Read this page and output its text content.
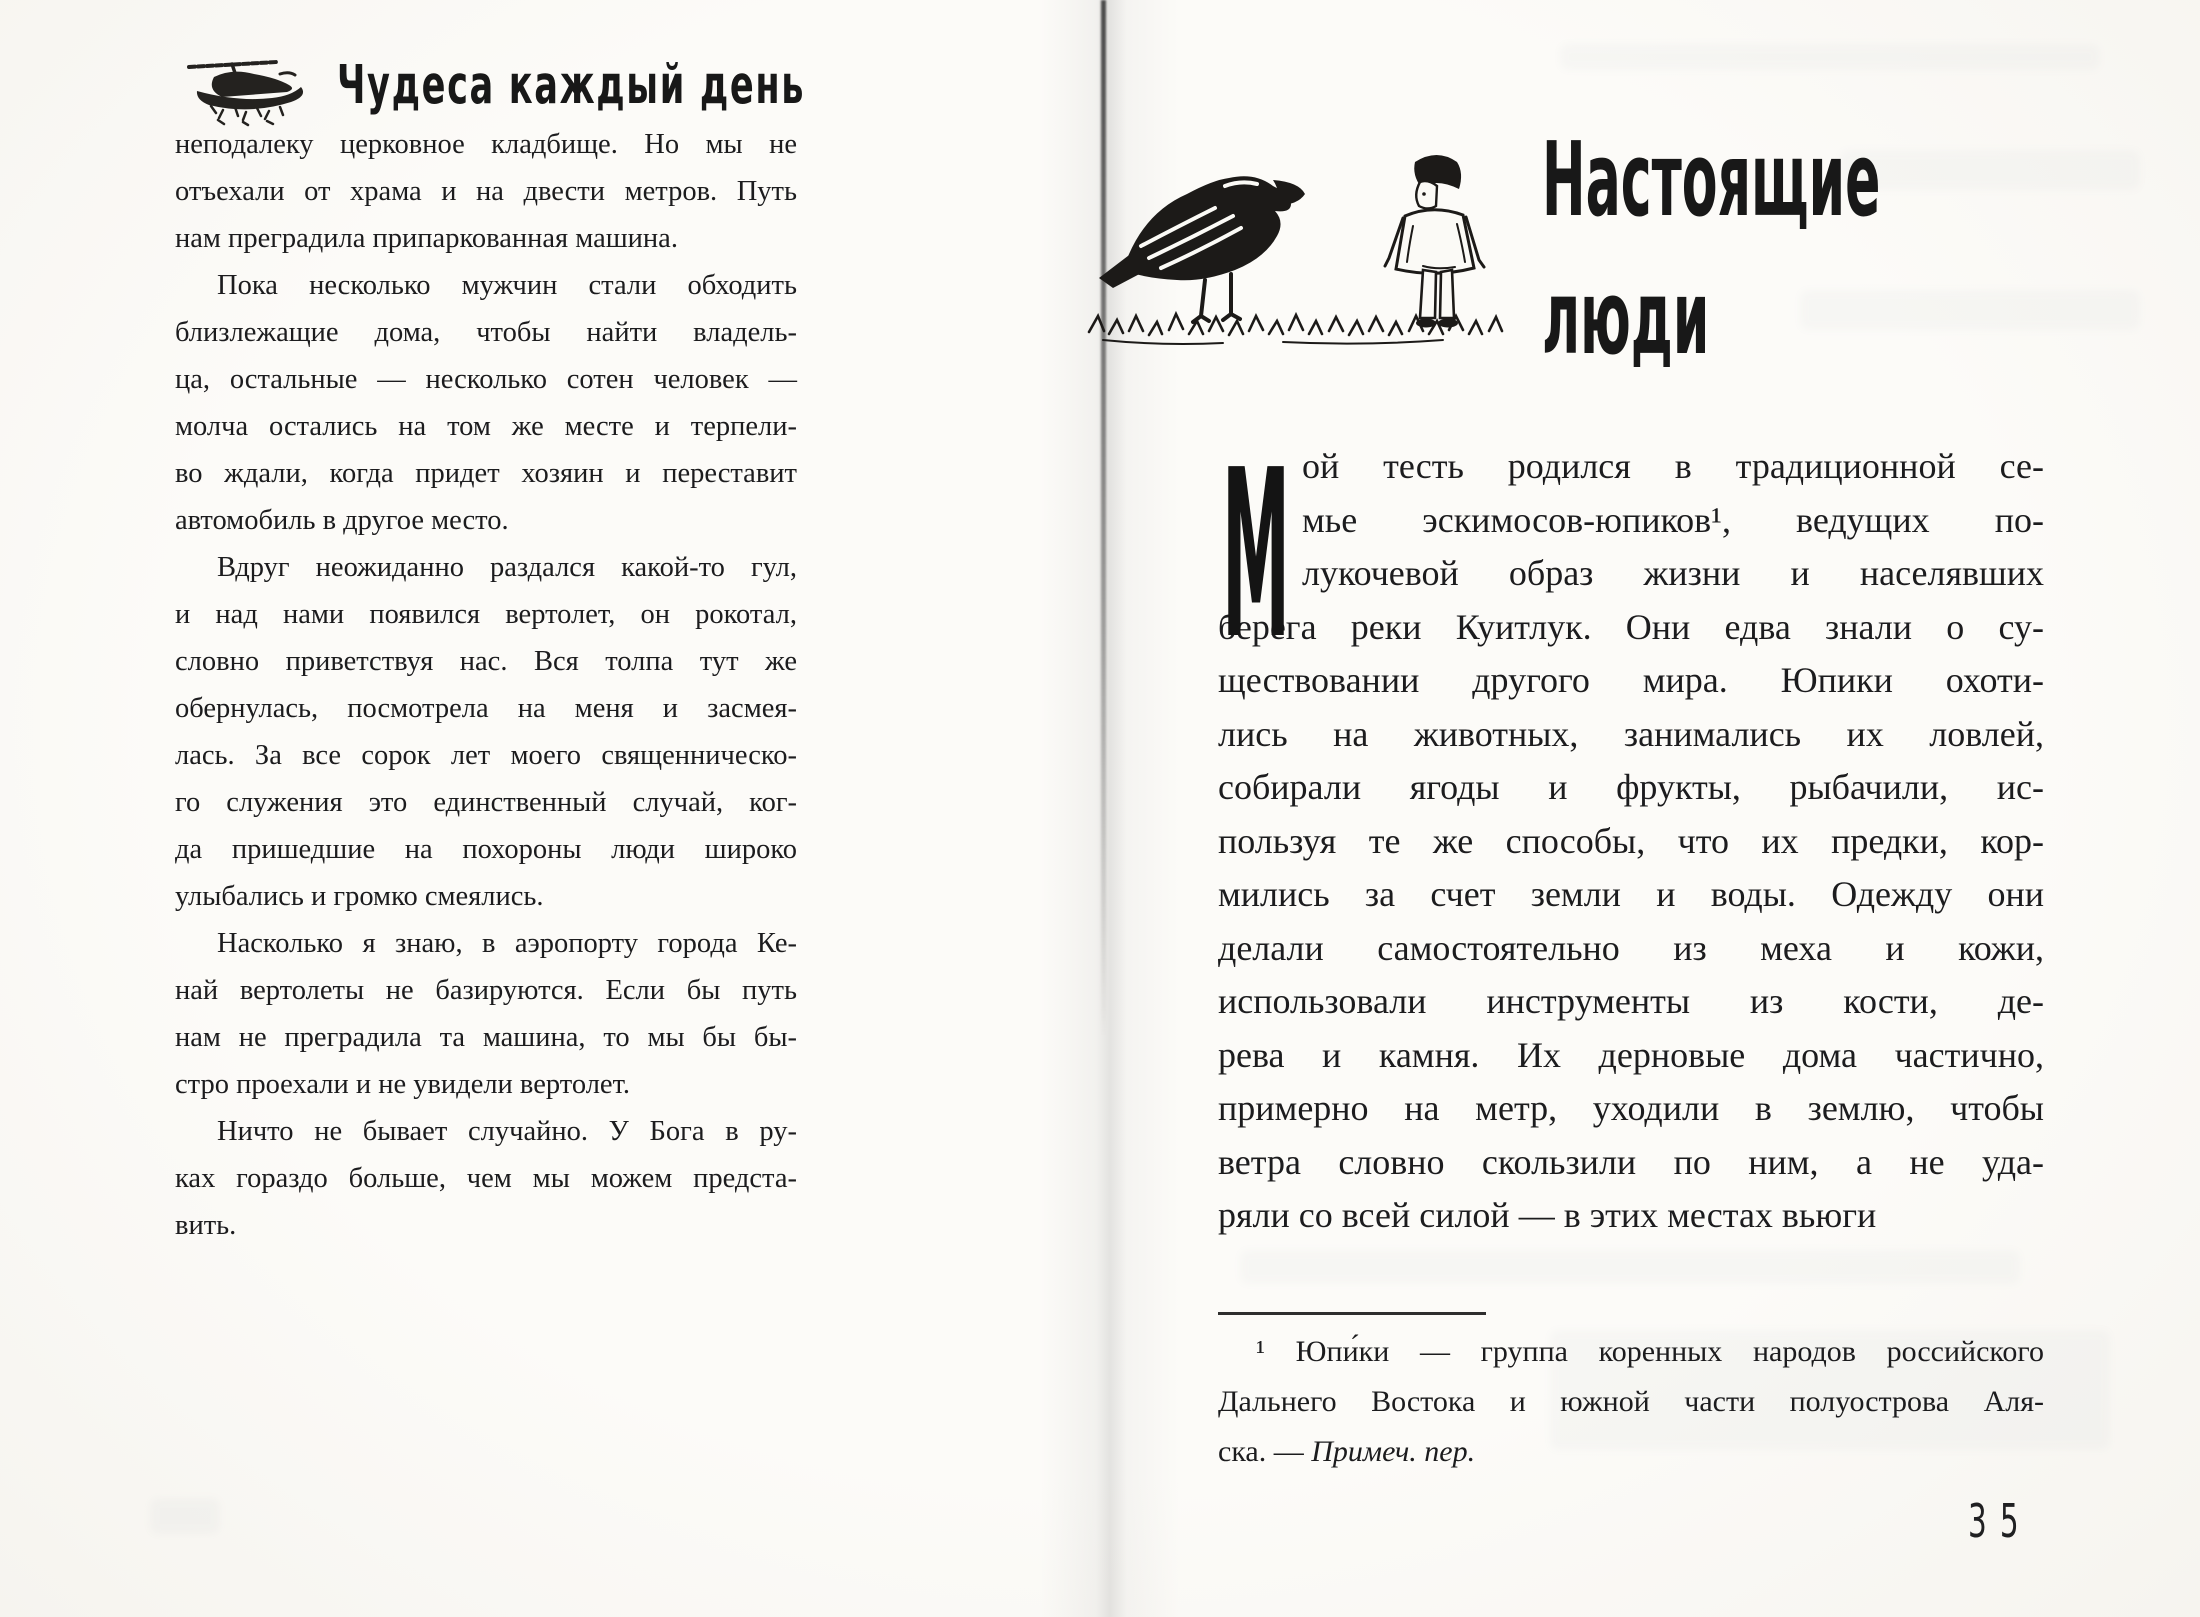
Чудеса каждый день
неподалеку церковное кладбище. Но мы не
отъехали от храма и на двести метров. Путь
нам преградила припаркованная машина.
Пока несколько мужчин стали обходить
близлежащие дома, чтобы найти владель-
ца, остальные — несколько сотен человек —
молча остались на том же месте и терпели-
во ждали, когда придет хозяин и переставит
автомобиль в другое место.
Вдруг неожиданно раздался какой-то гул,
и над нами появился вертолет, он рокотал,
словно приветствуя нас. Вся толпа тут же
обернулась, посмотрела на меня и засмея-
лась. За все сорок лет моего священническо-
го служения это единственный случай, ког-
да пришедшие на похороны люди широко
улыбались и громко смеялись.
Насколько я знаю, в аэропорту города Ке-
най вертолеты не базируются. Если бы путь
нам не преградила та машина, то мы бы бы-
стро проехали и не увидели вертолет.
Ничто не бывает случайно. У Бога в ру-
ках гораздо больше, чем мы можем предста-
вить.
Настоящие
люди
М ой тесть родился в традиционной се-
мье эскимосов-юпиков¹, ведущих по-
лукочевой образ жизни и населявших
берега реки Куитлук. Они едва знали о су-
ществовании другого мира. Юпики охоти-
лись на животных, занимались их ловлей,
собирали ягоды и фрукты, рыбачили, ис-
пользуя те же способы, что их предки, кор-
мились за счет земли и воды. Одежду они
делали самостоятельно из меха и кожи,
использовали инструменты из кости, де-
рева и камня. Их дерновые дома частично,
примерно на метр, уходили в землю, чтобы
ветра словно скользили по ним, а не уда-
ряли со всей силой — в этих местах вьюги
¹ Юпи́ки — группа коренных народов российского
Дальнего Востока и южной части полуострова Аля-
ска. — Примеч. пер.
35
